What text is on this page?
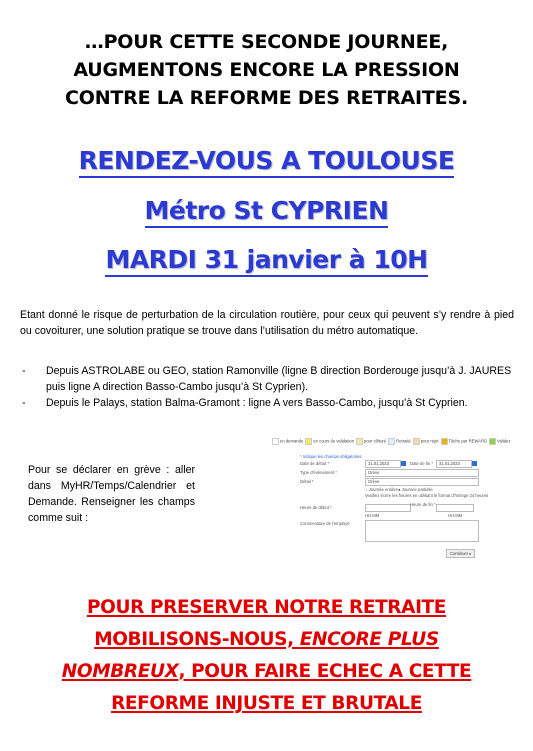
…POUR CETTE SECONDE JOURNEE,
AUGMENTONS ENCORE LA PRESSION
CONTRE LA REFORME DES RETRAITES.
RENDEZ-VOUS A TOULOUSE
Métro St CYPRIEN
MARDI 31 janvier à 10H
Etant donné le risque de perturbation de la circulation routière, pour ceux qui peuvent s’y rendre à pied ou covoiturer, une solution pratique se trouve dans l’utilisation du métro automatique.
- Depuis ASTROLABE ou GEO, station Ramonville (ligne B direction Borderouge jusqu’à J. JAURES puis ligne A direction Basso-Cambo jusqu’à St Cyprien).
- Depuis le Palays, station Balma-Gramont : ligne A vers Basso-Cambo, jusqu’à St Cyprien.
Pour se déclarer en grève : aller dans MyHR/Temps/Calendrier et Demande. Renseigner les champs comme suit :
en demande en cours de validation pour clôturé Retraité pour rejet Tâche par REWARD Validez
* Indique les champs obligatoires
Date de début *	31.01.2023	Date de fin *	31.01.2023
Type d'événement *	Grève
Détail *	Grève
○ Journée entière ● Journée partielle
Veuillez écrire les heures en utilisant le format d'horloge 24 heures
Heure de début *
Heure de fin *
HH:MM	HH:MM
Commentaire de l'employé
Continuer ▸
POUR PRESERVER NOTRE RETRAITE
MOBILISONS-NOUS, ENCORE PLUS
NOMBREUX, POUR FAIRE ECHEC A CETTE
REFORME INJUSTE ET BRUTALE
